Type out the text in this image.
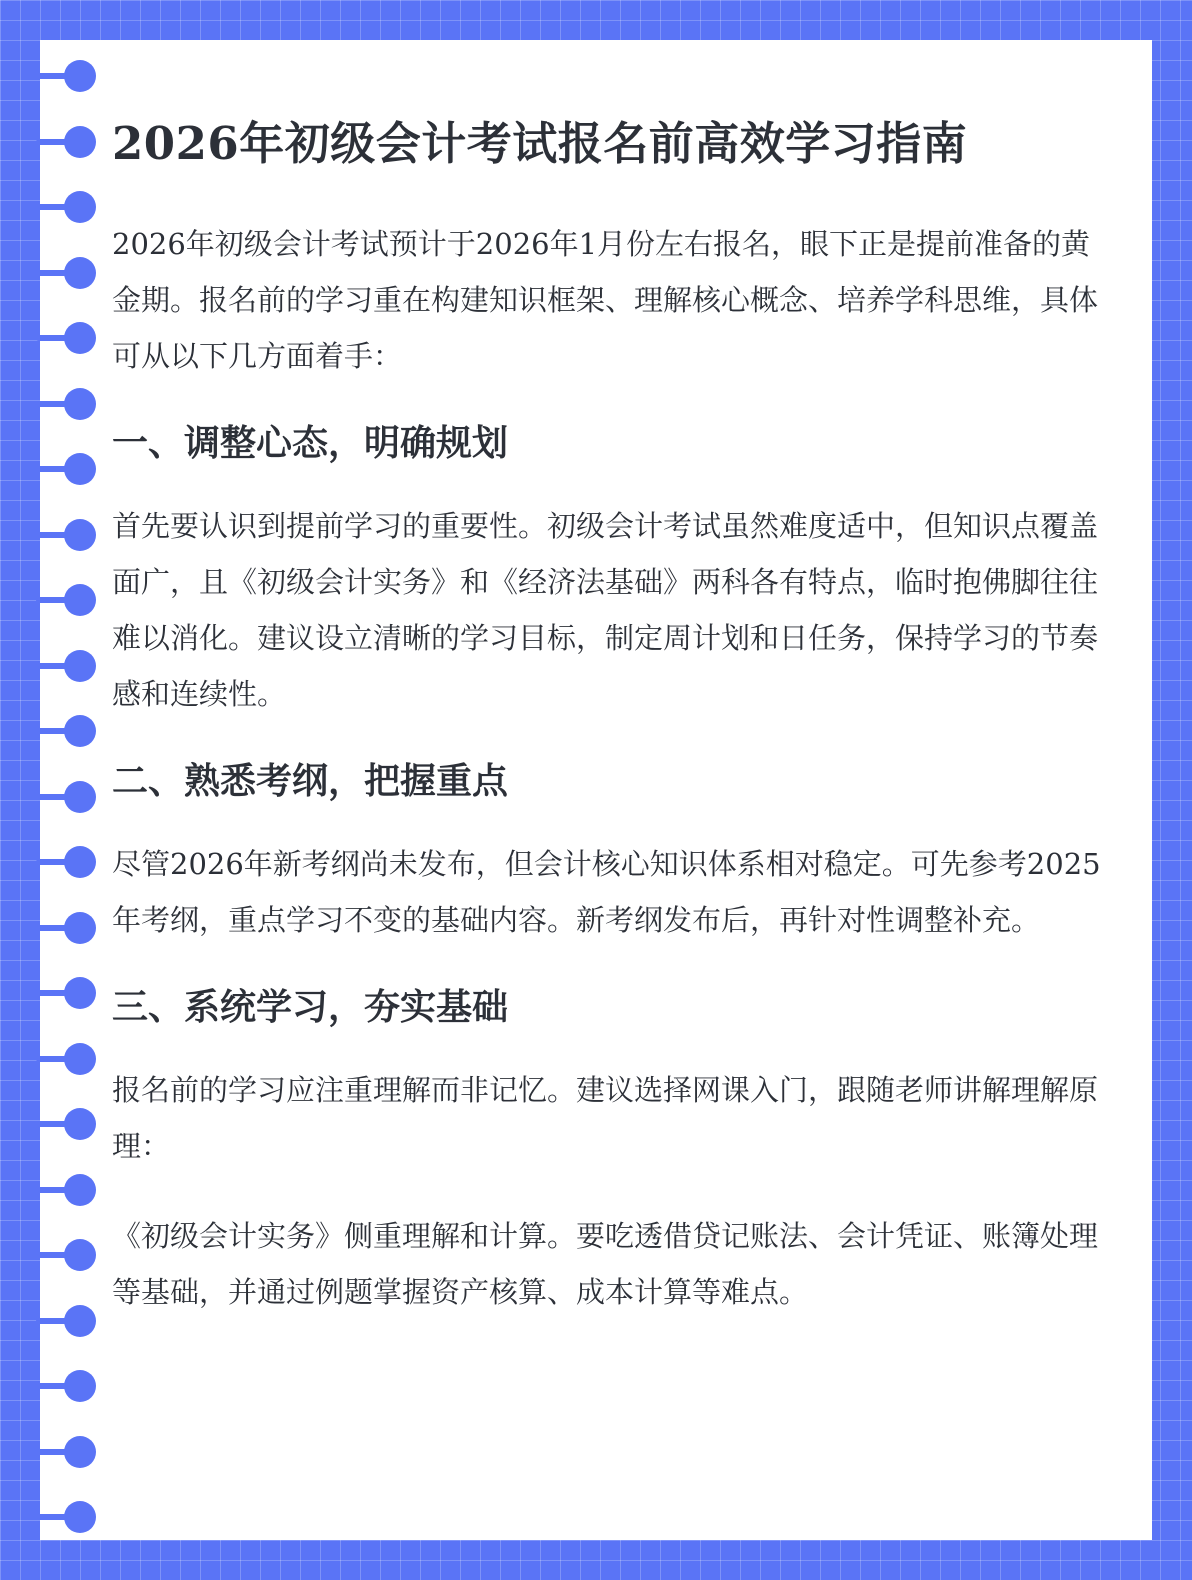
2026年初级会计考试报名前高效学习指南

2026年初级会计考试预计于2026年1月份左右报名，眼下正是提前准备的黄金期。报名前的学习重在构建知识框架、理解核心概念、培养学科思维，具体可从以下几方面着手：

一、调整心态，明确规划

首先要认识到提前学习的重要性。初级会计考试虽然难度适中，但知识点覆盖面广，且《初级会计实务》和《经济法基础》两科各有特点，临时抱佛脚往往难以消化。建议设立清晰的学习目标，制定周计划和日任务，保持学习的节奏感和连续性。

二、熟悉考纲，把握重点

尽管2026年新考纲尚未发布，但会计核心知识体系相对稳定。可先参考2025年考纲，重点学习不变的基础内容。新考纲发布后，再针对性调整补充。

三、系统学习，夯实基础

报名前的学习应注重理解而非记忆。建议选择网课入门，跟随老师讲解理解原理：

《初级会计实务》侧重理解和计算。要吃透借贷记账法、会计凭证、账簿处理等基础，并通过例题掌握资产核算、成本计算等难点。
